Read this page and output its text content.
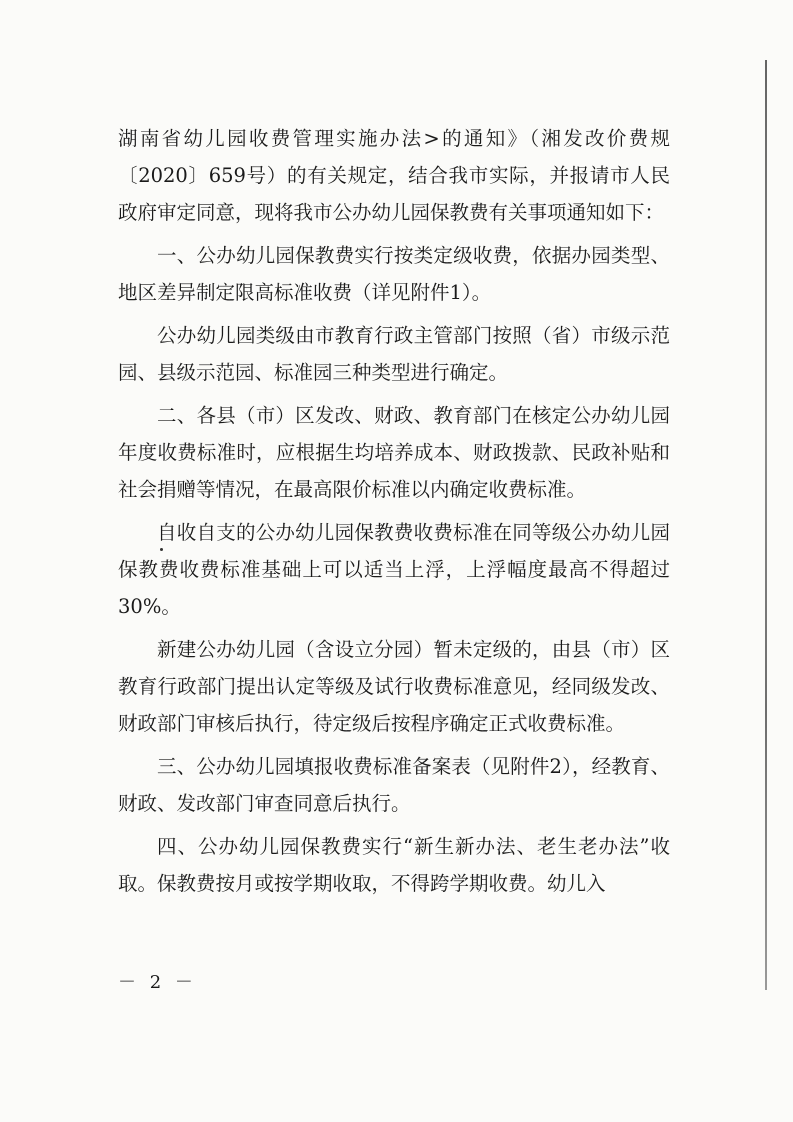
湖南省幼儿园收费管理实施办法>的通知》（湘发改价费规〔2020〕659号）的有关规定，结合我市实际，并报请市人民政府审定同意，现将我市公办幼儿园保教费有关事项通知如下：

一、公办幼儿园保教费实行按类定级收费，依据办园类型、地区差异制定限高标准收费（详见附件1）。

公办幼儿园类级由市教育行政主管部门按照（省）市级示范园、县级示范园、标准园三种类型进行确定。

二、各县（市）区发改、财政、教育部门在核定公办幼儿园年度收费标准时，应根据生均培养成本、财政拨款、民政补贴和社会捐赠等情况，在最高限价标准以内确定收费标准。

自收自支的公办幼儿园保教费收费标准在同等级公办幼儿园保教费收费标准基础上可以适当上浮，上浮幅度最高不得超过30%。

新建公办幼儿园（含设立分园）暂未定级的，由县（市）区教育行政部门提出认定等级及试行收费标准意见，经同级发改、财政部门审核后执行，待定级后按程序确定正式收费标准。

三、公办幼儿园填报收费标准备案表（见附件2），经教育、财政、发改部门审查同意后执行。

四、公办幼儿园保教费实行“新生新办法、老生老办法”收取。保教费按月或按学期收取，不得跨学期收费。幼儿入

－ 2 －
